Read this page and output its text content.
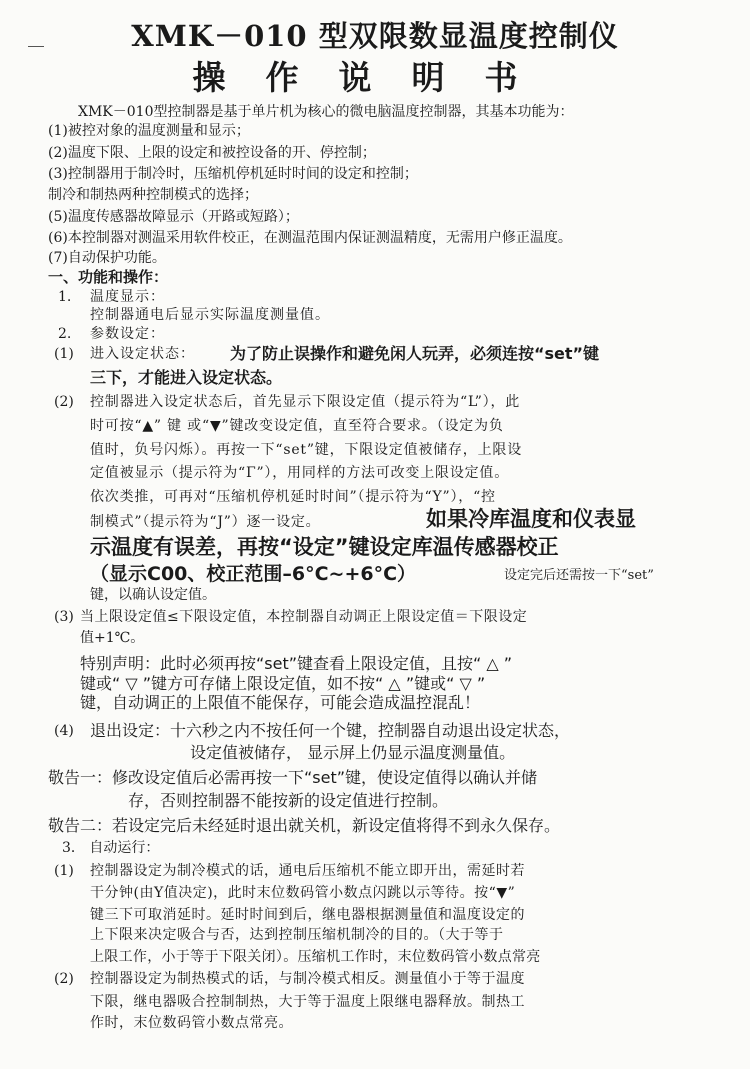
XMK－010 型双限数显温度控制仪
操作说明书
XMK－010型控制器是基于单片机为核心的微电脑温度控制器，其基本功能为：
(1)被控对象的温度测量和显示；
(2)温度下限、上限的设定和被控设备的开、停控制；
(3)控制器用于制冷时，压缩机停机延时时间的设定和控制；
制冷和制热两种控制模式的选择；
(5)温度传感器故障显示（开路或短路）；
(6)本控制器对测温采用软件校正，在测温范围内保证测温精度，无需用户修正温度。
(7)自动保护功能。
一、功能和操作：
1. 温度显示：
控制器通电后显示实际温度测量值。
2. 参数设定：
(1) 进入设定状态： 为了防止误操作和避免闲人玩弄，必须连按“set”键
三下，才能进入设定状态。
(2) 控制器进入设定状态后，首先显示下限设定值（提示符为“L”），此
时可按“▲” 键 或“▼”键改变设定值，直至符合要求。（设定为负
值时，负号闪烁）。再按一下“set”键，下限设定值被储存，上限设
定值被显示（提示符为“Γ”），用同样的方法可改变上限设定值。
依次类推，可再对“压缩机停机延时时间”（提示符为“Y”），“控
制模式”（提示符为“J”）逐一设定。	如果冷库温度和仪表显
示温度有误差，再按“设定”键设定库温传感器校正
（显示C00、校正范围–6°C~+6°C）	设定完后还需按一下“set”
键，以确认设定值。
(3) 当上限设定值≤下限设定值，本控制器自动调正上限设定值＝下限设定
值+1℃。
特别声明：此时必须再按“set”键查看上限设定值，且按“ △ ”
键或“ ▽ ”键方可存储上限设定值，如不按“ △ ”键或“ ▽ ”
键，自动调正的上限值不能保存，可能会造成温控混乱！
(4) 退出设定：十六秒之内不按任何一个键，控制器自动退出设定状态，
设定值被储存， 显示屏上仍显示温度测量值。
敬告一：修改设定值后必需再按一下“set”键，使设定值得以确认并储
存，否则控制器不能按新的设定值进行控制。
敬告二：若设定完后未经延时退出就关机，新设定值将得不到永久保存。
3． 自动运行：
(1) 控制器设定为制冷模式的话，通电后压缩机不能立即开出，需延时若
干分钟(由Y值决定)，此时末位数码管小数点闪跳以示等待。按“▼”
键三下可取消延时。延时时间到后，继电器根据测量值和温度设定的
上下限来决定吸合与否，达到控制压缩机制冷的目的。（大于等于
上限工作，小于等于下限关闭）。压缩机工作时，末位数码管小数点常亮
(2) 控制器设定为制热模式的话，与制冷模式相反。测量值小于等于温度
下限，继电器吸合控制制热，大于等于温度上限继电器释放。制热工
作时，末位数码管小数点常亮。
